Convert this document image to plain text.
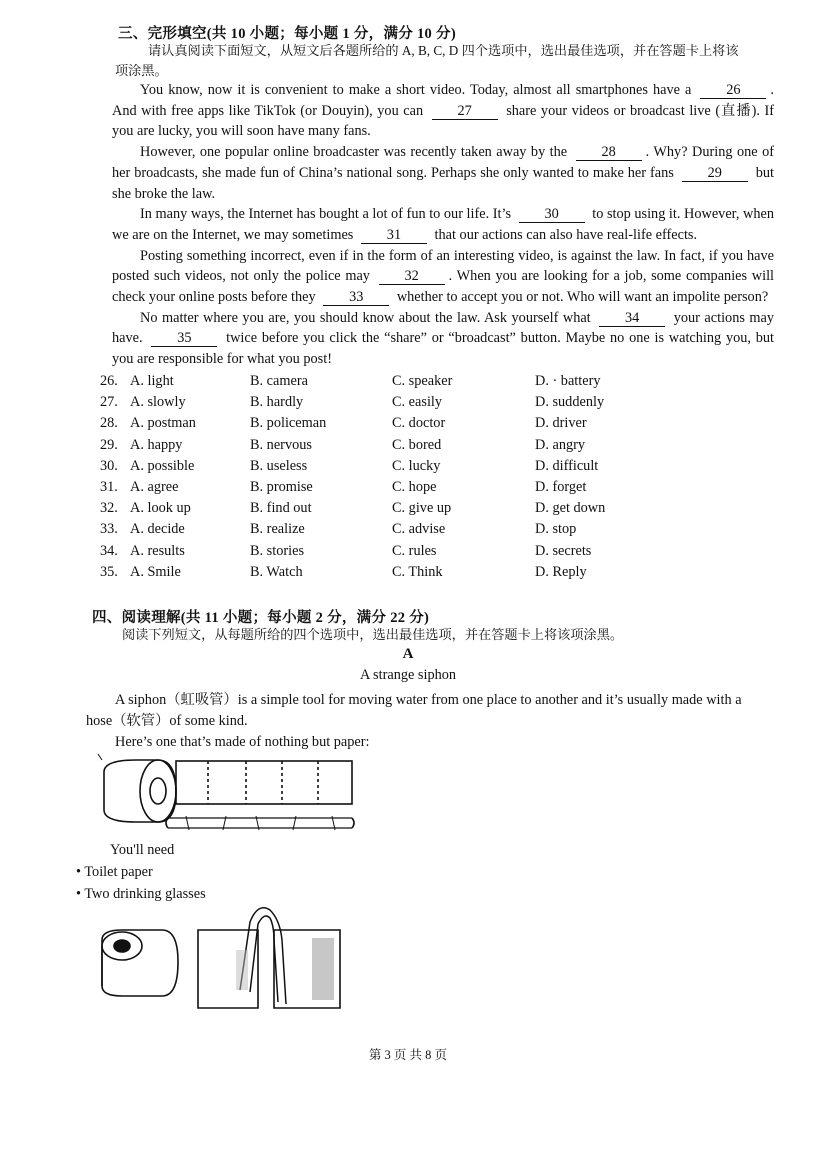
三、完形填空(共 10 小题；每小题 1 分，满分 10 分)
请认真阅读下面短文，从短文后各题所给的 A, B, C, D 四个选项中，选出最佳选项，并在答题卡上将该
项涂黑。

You know, now it is convenient to make a short video. Today, almost all smartphones have a 26 . And with free apps like TikTok (or Douyin), you can 27 share your videos or broadcast live (直播). If you are lucky, you will soon have many fans.

However, one popular online broadcaster was recently taken away by the 28 . Why? During one of her broadcasts, she made fun of China’s national song. Perhaps she only wanted to make her fans 29 but she broke the law.

In many ways, the Internet has bought a lot of fun to our life. It’s 30 to stop using it. However, when we are on the Internet, we may sometimes 31 that our actions can also have real-life effects.

Posting something incorrect, even if in the form of an interesting video, is against the law. In fact, if you have posted such videos, not only the police may 32 . When you are looking for a job, some companies will check your online posts before they 33 whether to accept you or not. Who will want an impolite person?

No matter where you are, you should know about the law. Ask yourself what 34 your actions may have. 35 twice before you click the “share” or “broadcast” button. Maybe no one is watching you, but you are responsible for what you post!

26. A. light	B. camera	C. speaker	D. · battery
27. A. slowly	B. hardly	C. easily	D. suddenly
28. A. postman	B. policeman	C. doctor	D. driver
29. A. happy	B. nervous	C. bored	D. angry
30. A. possible	B. useless	C. lucky	D. difficult
31. A. agree	B. promise	C. hope	D. forget
32. A. look up	B. find out	C. give up	D. get down
33. A. decide	B. realize	C. advise	D. stop
34. A. results	B. stories	C. rules	D. secrets
35. A. Smile	B. Watch	C. Think	D. Reply
四、阅读理解(共 11 小题；每小题 2 分，满分 22 分)
阅读下列短文，从每题所给的四个选项中，选出最佳选项，并在答题卡上将该项涂黑。
A
A strange siphon
A siphon（虹吸管）is a simple tool for moving water from one place to another and it’s usually made with a
hose（软管）of some kind.
Here’s one that’s made of nothing but paper:
You'll need
• Toilet paper
• Two drinking glasses
第 3 页 共 8 页
